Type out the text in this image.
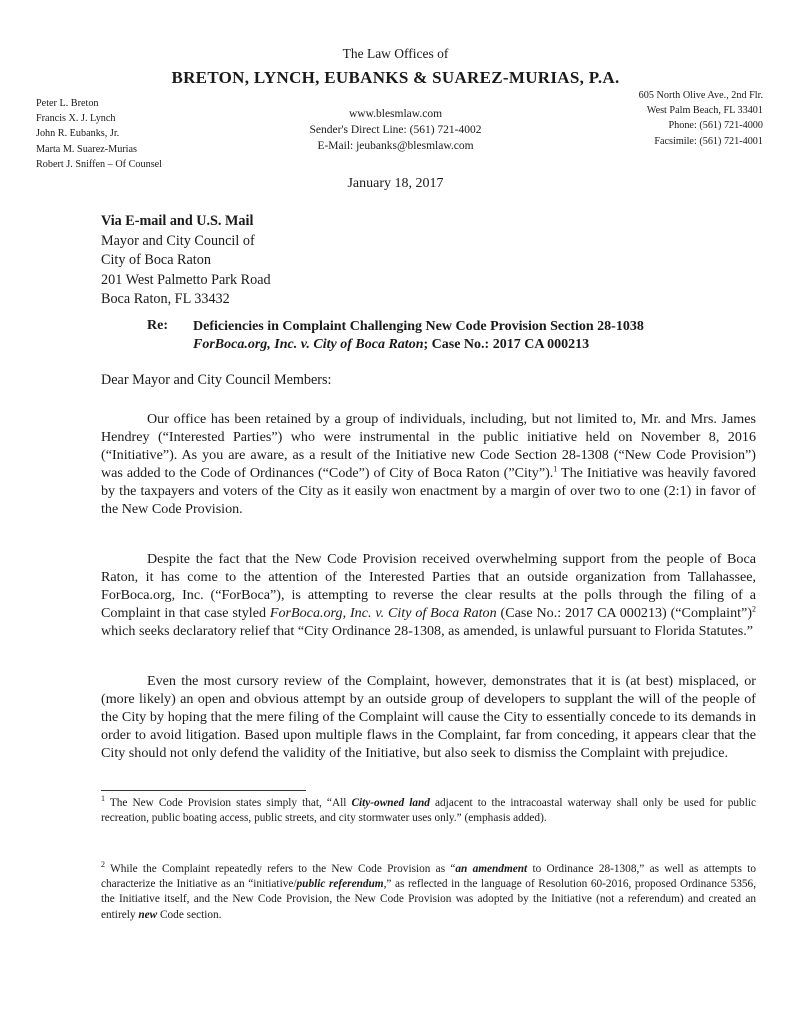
The Law Offices of
BRETON, LYNCH, EUBANKS & SUAREZ-MURIAS, P.A.
Peter L. Breton
Francis X. J. Lynch
John R. Eubanks, Jr.
Marta M. Suarez-Murias
Robert J. Sniffen – Of Counsel
www.blesmlaw.com
Sender's Direct Line: (561) 721-4002
E-Mail: jeubanks@blesmlaw.com
605 North Olive Ave., 2nd Flr.
West Palm Beach, FL 33401
Phone: (561) 721-4000
Facsimile: (561) 721-4001
January 18, 2017
Via E-mail and U.S. Mail
Mayor and City Council of
City of Boca Raton
201 West Palmetto Park Road
Boca Raton, FL 33432
Re: Deficiencies in Complaint Challenging New Code Provision Section 28-1038
ForBoca.org, Inc. v. City of Boca Raton; Case No.: 2017 CA 000213
Dear Mayor and City Council Members:
Our office has been retained by a group of individuals, including, but not limited to, Mr. and Mrs. James Hendrey (“Interested Parties”) who were instrumental in the public initiative held on November 8, 2016 (“Initiative”). As you are aware, as a result of the Initiative new Code Section 28-1308 (“New Code Provision”) was added to the Code of Ordinances (“Code”) of City of Boca Raton (”City”).$^1$ The Initiative was heavily favored by the taxpayers and voters of the City as it easily won enactment by a margin of over two to one (2:1) in favor of the New Code Provision.
Despite the fact that the New Code Provision received overwhelming support from the people of Boca Raton, it has come to the attention of the Interested Parties that an outside organization from Tallahassee, ForBoca.org, Inc. (“ForBoca”), is attempting to reverse the clear results at the polls through the filing of a Complaint in that case styled ForBoca.org, Inc. v. City of Boca Raton (Case No.: 2017 CA 000213) (“Complaint”)$^2$ which seeks declaratory relief that “City Ordinance 28-1308, as amended, is unlawful pursuant to Florida Statutes.”
Even the most cursory review of the Complaint, however, demonstrates that it is (at best) misplaced, or (more likely) an open and obvious attempt by an outside group of developers to supplant the will of the people of the City by hoping that the mere filing of the Complaint will cause the City to essentially concede to its demands in order to avoid litigation. Based upon multiple flaws in the Complaint, far from conceding, it appears clear that the City should not only defend the validity of the Initiative, but also seek to dismiss the Complaint with prejudice.
$^1$ The New Code Provision states simply that, “All City-owned land adjacent to the intracoastal waterway shall only be used for public recreation, public boating access, public streets, and city stormwater uses only.” (emphasis added).
$^2$ While the Complaint repeatedly refers to the New Code Provision as “an amendment to Ordinance 28-1308,” as well as attempts to characterize the Initiative as an “initiative/public referendum,” as reflected in the language of Resolution 60-2016, proposed Ordinance 5356, the Initiative itself, and the New Code Provision, the New Code Provision was adopted by the Initiative (not a referendum) and created an entirely new Code section.
